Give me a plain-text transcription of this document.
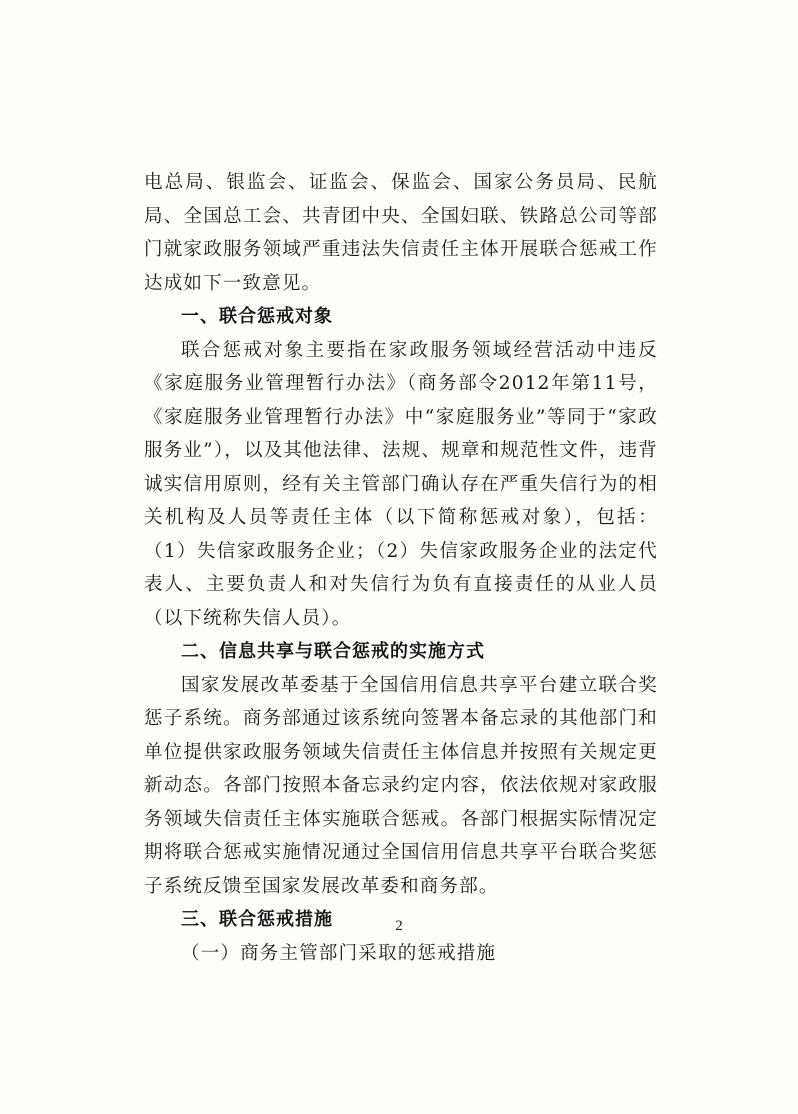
电总局、银监会、证监会、保监会、国家公务员局、民航局、全国总工会、共青团中央、全国妇联、铁路总公司等部门就家政服务领域严重违法失信责任主体开展联合惩戒工作达成如下一致意见。

一、联合惩戒对象

联合惩戒对象主要指在家政服务领域经营活动中违反《家庭服务业管理暂行办法》（商务部令2012年第11号，《家庭服务业管理暂行办法》中“家庭服务业”等同于“家政服务业”），以及其他法律、法规、规章和规范性文件，违背诚实信用原则，经有关主管部门确认存在严重失信行为的相关机构及人员等责任主体（以下简称惩戒对象），包括：（1）失信家政服务企业；（2）失信家政服务企业的法定代表人、主要负责人和对失信行为负有直接责任的从业人员（以下统称失信人员）。

二、信息共享与联合惩戒的实施方式

国家发展改革委基于全国信用信息共享平台建立联合奖惩子系统。商务部通过该系统向签署本备忘录的其他部门和单位提供家政服务领域失信责任主体信息并按照有关规定更新动态。各部门按照本备忘录约定内容，依法依规对家政服务领域失信责任主体实施联合惩戒。各部门根据实际情况定期将联合惩戒实施情况通过全国信用信息共享平台联合奖惩子系统反馈至国家发展改革委和商务部。

三、联合惩戒措施

（一）商务主管部门采取的惩戒措施

2
